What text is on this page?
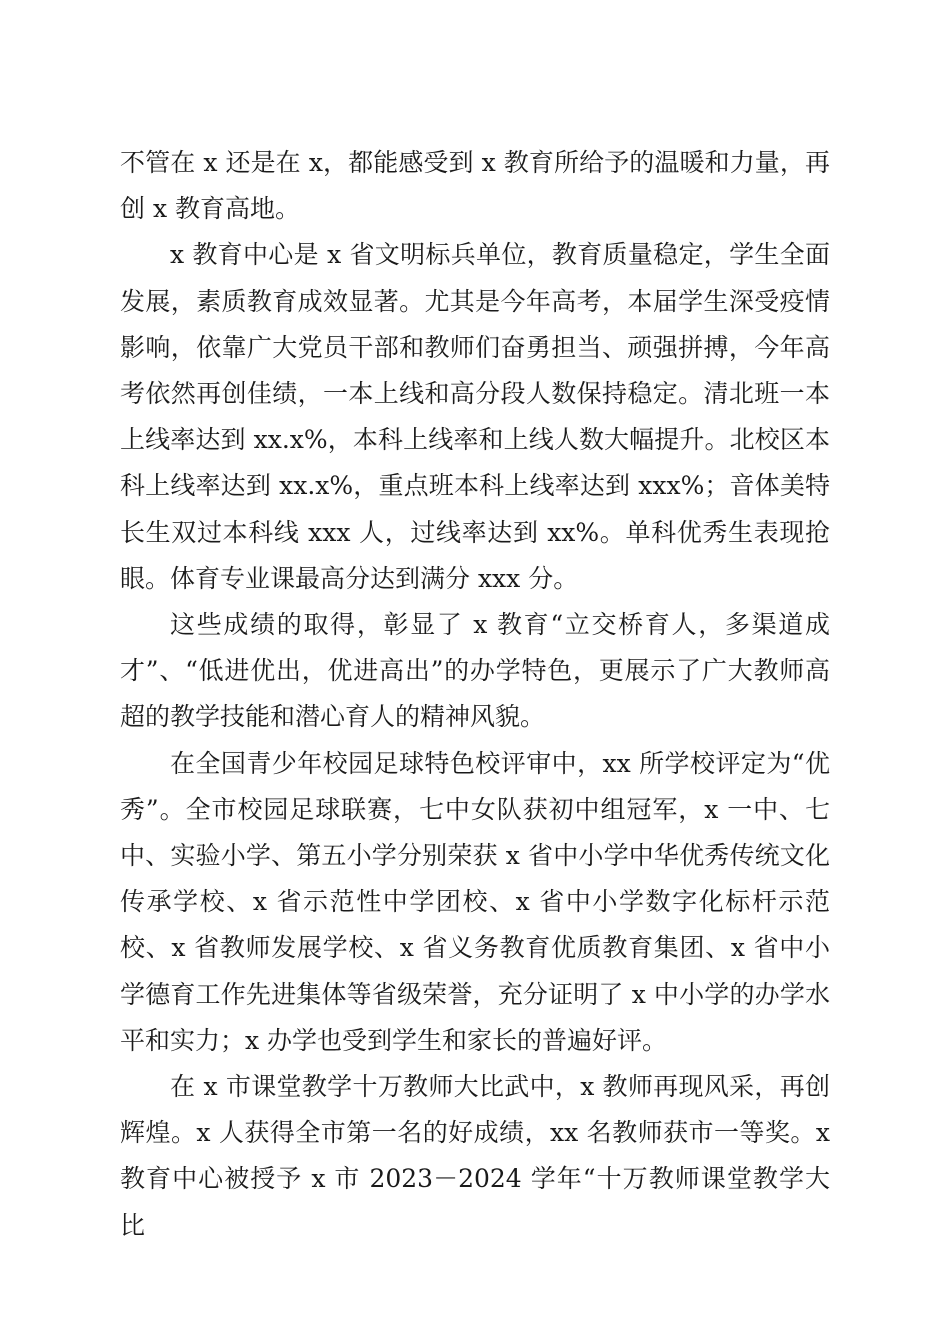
不管在 x 还是在 x，都能感受到 x 教育所给予的温暖和力量，再创 x 教育高地。

x 教育中心是 x 省文明标兵单位，教育质量稳定，学生全面发展，素质教育成效显著。尤其是今年高考，本届学生深受疫情影响，依靠广大党员干部和教师们奋勇担当、顽强拼搏，今年高考依然再创佳绩，一本上线和高分段人数保持稳定。清北班一本上线率达到 xx.x%，本科上线率和上线人数大幅提升。北校区本科上线率达到 xx.x%，重点班本科上线率达到 xxx%；音体美特长生双过本科线 xxx 人，过线率达到 xx%。单科优秀生表现抢眼。体育专业课最高分达到满分 xxx 分。

这些成绩的取得，彰显了 x 教育“立交桥育人，多渠道成才”、“低进优出，优进高出”的办学特色，更展示了广大教师高超的教学技能和潜心育人的精神风貌。

在全国青少年校园足球特色校评审中，xx 所学校评定为“优秀”。全市校园足球联赛，七中女队获初中组冠军，x 一中、七中、实验小学、第五小学分别荣获 x 省中小学中华优秀传统文化传承学校、x 省示范性中学团校、x 省中小学数字化标杆示范校、x 省教师发展学校、x 省义务教育优质教育集团、x 省中小学德育工作先进集体等省级荣誉，充分证明了 x 中小学的办学水平和实力；x 办学也受到学生和家长的普遍好评。

在 x 市课堂教学十万教师大比武中，x 教师再现风采，再创辉煌。x 人获得全市第一名的好成绩，xx 名教师获市一等奖。x 教育中心被授予 x 市 2023－2024 学年“十万教师课堂教学大比
